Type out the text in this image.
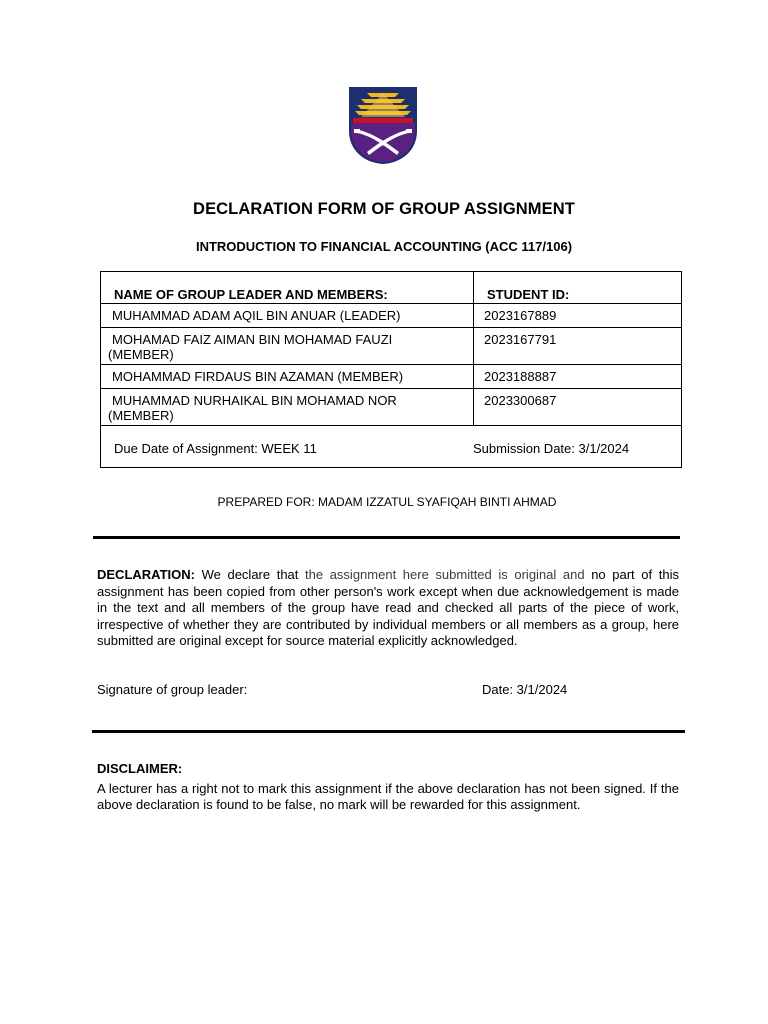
DECLARATION FORM OF GROUP ASSIGNMENT

INTRODUCTION TO FINANCIAL ACCOUNTING (ACC 117/106)

NAME OF GROUP LEADER AND MEMBERS:	STUDENT ID:

MUHAMMAD ADAM AQIL BIN ANUAR (LEADER)	2023167889

MOHAMAD FAIZ AIMAN BIN MOHAMAD FAUZI
(MEMBER)	2023167791

MOHAMMAD FIRDAUS BIN AZAMAN (MEMBER)	2023188887

MUHAMMAD NURHAIKAL BIN MOHAMAD NOR
(MEMBER)	2023300687

Due Date of Assignment: WEEK 11 Submission Date: 3/1/2024	

PREPARED FOR: MADAM IZZATUL SYAFIQAH BINTI AHMAD

DECLARATION: We declare that the assignment here submitted is original and no part of this assignment has been copied from other person's work except when due acknowledgement is made in the text and all members of the group have read and checked all parts of the piece of work, irrespective of whether they are contributed by individual members or all members as a group, here submitted are original except for source material explicitly acknowledged.

Signature of group leader:	Date: 3/1/2024
DISCLAIMER:

A lecturer has a right not to mark this assignment if the above declaration has not been signed. If the above declaration is found to be false, no mark will be rewarded for this assignment.
